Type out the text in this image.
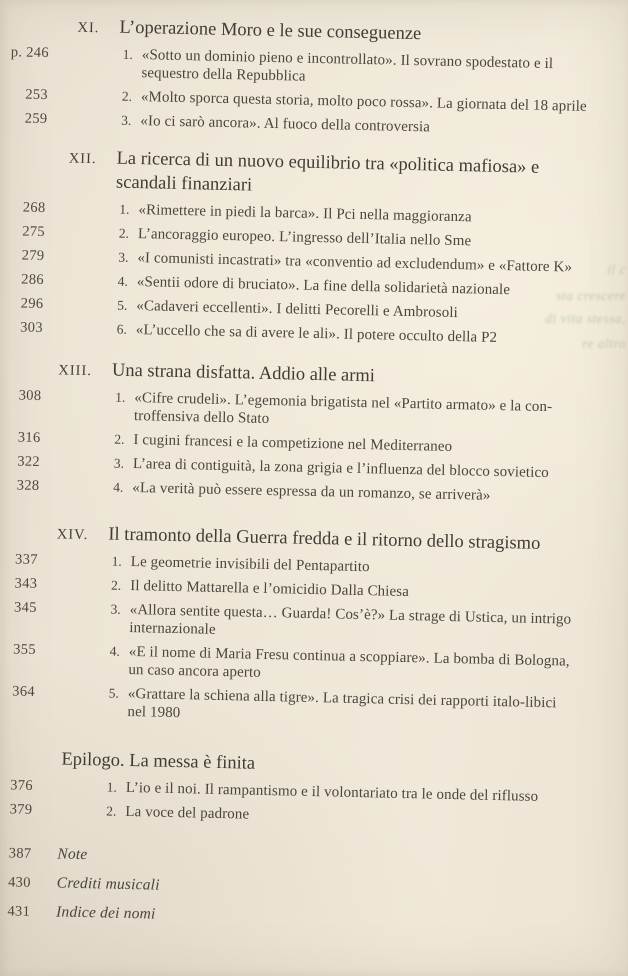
il c
sta crescere
di vita stessa,
re altro
XI. L’operazione Moro e le sue conseguenze
p. 246	1. «Sotto un dominio pieno e incontrollato». Il sovrano spodestato e il
sequestro della Repubblica
253	2. «Molto sporca questa storia, molto poco rossa». La giornata del 18 aprile
259	3. «Io ci sarò ancora». Al fuoco della controversia
XII. La ricerca di un nuovo equilibrio tra «politica mafiosa» e
scandali finanziari
268	1. «Rimettere in piedi la barca». Il Pci nella maggioranza
275	2. L’ancoraggio europeo. L’ingresso dell’Italia nello Sme
279	3. «I comunisti incastrati» tra «conventio ad excludendum» e «Fattore K»
286	4. «Sentii odore di bruciato». La fine della solidarietà nazionale
296	5. «Cadaveri eccellenti». I delitti Pecorelli e Ambrosoli
303	6. «L’uccello che sa di avere le ali». Il potere occulto della P2
XIII. Una strana disfatta. Addio alle armi
308	1. «Cifre crudeli». L’egemonia brigatista nel «Partito armato» e la con-
troffensiva dello Stato
316	2. I cugini francesi e la competizione nel Mediterraneo
322	3. L’area di contiguità, la zona grigia e l’influenza del blocco sovietico
328	4. «La verità può essere espressa da un romanzo, se arriverà»
XIV. Il tramonto della Guerra fredda e il ritorno dello stragismo
337	1. Le geometrie invisibili del Pentapartito
343	2. Il delitto Mattarella e l’omicidio Dalla Chiesa
345	3. «Allora sentite questa… Guarda! Cos’è?» La strage di Ustica, un intrigo
internazionale
355	4. «E il nome di Maria Fresu continua a scoppiare». La bomba di Bologna,
un caso ancora aperto
364	5. «Grattare la schiena alla tigre». La tragica crisi dei rapporti italo-libici
nel 1980
Epilogo. La messa è finita
376	1. L’io e il noi. Il rampantismo e il volontariato tra le onde del riflusso
379	2. La voce del padrone
387 Note
430 Crediti musicali
431 Indice dei nomi
